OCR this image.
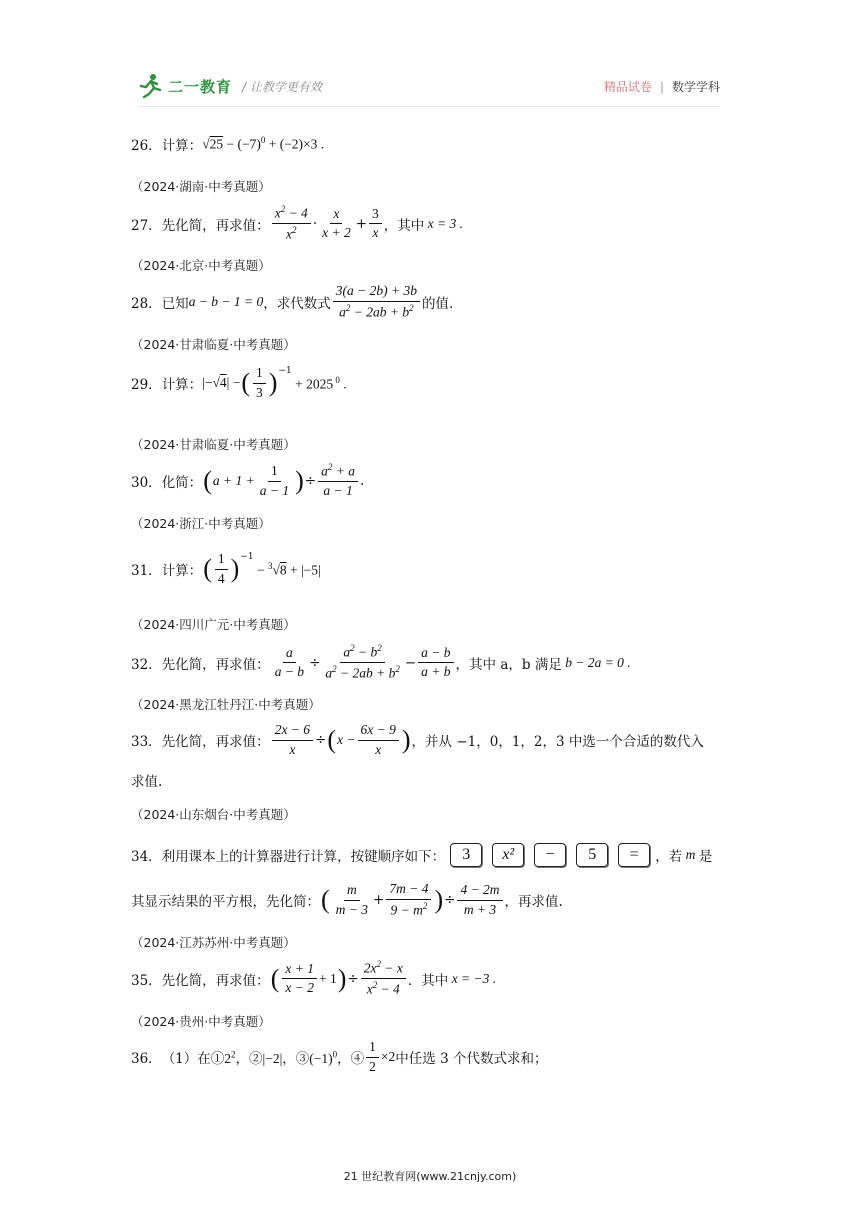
二一教育 / 让教学更有效	精品试卷 | 数学学科
26． 计算： $√25 - (-7)^0 + (-2)\times 3$ .
（2024·湖南·中考真题）
27． 先化简，再求值： $\frac{x^2 - 4}{x^2} \cdot \frac{x}{x + 2} + \frac{3}{x}$ ，其中 x = 3 .
（2024·北京·中考真题）
28． 已知 a − b − 1 = 0 ，求代数式 $\frac{3(a - 2b) + 3b}{a^2 - 2ab + b^2}$ 的值.
（2024·甘肃临夏·中考真题）
29． 计算： |−√4| − ( $\frac{1}{3} )^{-1}$
+ 2025 $^0$ .
（2024·甘肃临夏·中考真题）
30． 化简： ( $a + 1 + \frac{1}{a - 1}$ ) ÷ $\frac{a^2 + a}{a - 1}$ .
（2024·浙江·中考真题）
31． 计算： ( $\frac{1}{4} )^{-1}$
− $^3$√8 + |−5|
（2024·四川广元·中考真题）
32． 先化简，再求值： $\frac{a}{a - b} \div \frac{a^2 - b^2}{a^2 - 2ab + b^2} - \frac{a - b}{a + b}$ ，其中 a，b 满足 b − 2a = 0 .
（2024·黑龙江牡丹江·中考真题）
33． 先化简，再求值： $\frac{2x - 6}{x}$ ÷ ( $x - \frac{6x - 9}{x}$ ) ，并从 −1，0，1，2，3 中选一个合适的数代入
求值.
（2024·山东烟台·中考真题）
34． 利用课本上的计算器进行计算，按键顺序如下：	3	x²	−	5	=	，若 m 是
其显示结果的平方根，先化简： ( $\frac{m}{m - 3} + \frac{7m - 4}{9 - m^2}$ ) ÷ $\frac{4 - 2m}{m + 3}$ ，再求值.
（2024·江苏苏州·中考真题）
35． 先化简，再求值： ( $\frac{x + 1}{x - 2} + 1$ ) ÷ $\frac{2x^2 - x}{x^2 - 4}$ ．其中 x = −3 .
（2024·贵州·中考真题）
36． （1）在① $2^2$，②|−2|，$③(-1)^0$，④ $\frac{1}{2} \times 2$ 中任选 3 个代数式求和；
21 世纪教育网(www.21cnjy.com)
